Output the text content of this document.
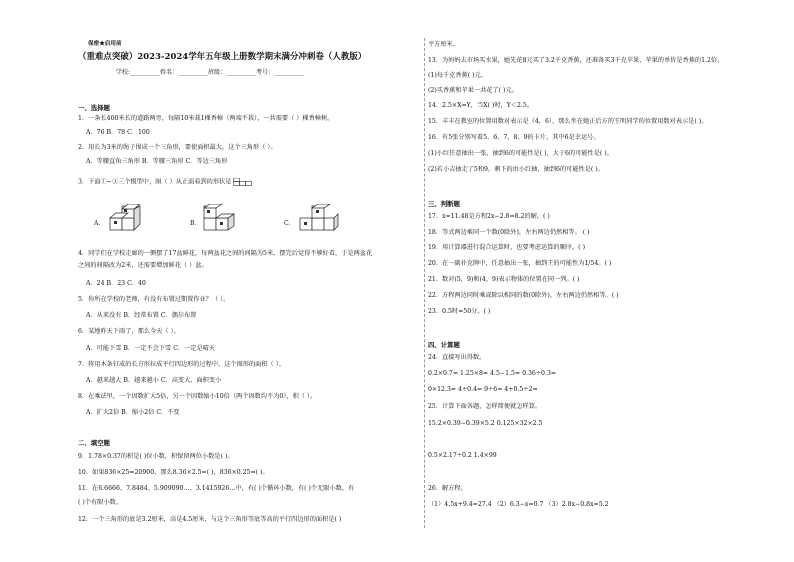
保密★启用前
（重难点突破）2023-2024学年五年级上册数学期末满分冲刺卷（人教版）
学校:__________姓名：__________班级：__________考号：__________
一、选择题
1．一条长400米长的道路两旁，每隔10米栽1棵香樟（两端不栽），一共需要（ ）棵香樟树。
A．76 B．78 C．100
2．用长为3米的绳子围成一个三角形，要使面积最大，这个三角形（ ）。
A．等腰直角三角形 B．等腰三角形 C．等边三角形
3．下面①~③三个模型中，图（ ）从正面看到的形状是
A．	B．	C．
4．同学们在学校走廊的一侧摆了17盆鲜花，每两盆花之间的间隔为5米，摆完后觉得不够好看，于是两盆花
之间的间隔改为2米，还需要增加鲜花（ ）盆。
A．24 B．23 C．40
5．你所在学校的老师，有没有布置过期置作业？（ ）。
A．从来没有 B．经常布置 C．偶尔布置
6．某地昨天下雨了，那么今天（ ）。
A．可能下雪 B．一定不会下雪 C．一定是晴天
7．将用木条钉成的长方形拉成平行四边形的过程中，这个图形的面积（ ）。
A．越来越大 B．越来越小 C．高变大，面积变小
8．在乘法里，一个因数扩大5倍，另一个因数缩小10倍（两个因数均不为0），积（ ）。
A．扩大2倍 B．缩小2倍 C．不变
二、填空题
9．1.78×0.37的积是( )位小数，积保留两位小数是( )。
10．如果836×25=20900，那么8.36×2.5=( )，836×0.25=( )。
11．在6.6666、7.8484、5.909090…、3.1415926…中，有( )个循环小数，有( )个无限小数，有
( )个有限小数。
12．一个三角形的底是3.2厘米，高是4.5厘米，与这个三角形等底等高的平行四边形的面积是( )
平方厘米。
13．为妈妈去市场买水果，她先花8元买了3.2千克香蕉，还准备买3千克苹果，苹果的单价是香蕉的1.2倍。
(1)每千克香蕉( )元。
(2)买香蕉和苹果一共花了( )元。
14．2.5×X=Y，当X( )时，Y＜2.5。
15．丰丰在教室的位置用数对表示是（4，6），那么坐在她正后方的王明同学的位置用数对表示是( )。
16．有5张分别写着5、6、7、8、9的卡片，其中6是幸运号。
(1)小红任意抽出一张，抽到6的可能性是( )，大于6的可能性是( )。
(2)若小吉抽走了5和9，剩下的由小红抽，抽到6的可能性是( )。
三、判断题
17．x=11.48是方程2x−2.8=8.2的解。( )
18．等式两边乘同一个数(0除外)，左右两边仍然相等。 ( )
19．用计算器进行混合运算时，也要考虑运算的顺序。( )
20．在一副扑克牌中，任意抽出一张，抽到王的可能性为1/54。( )
21．数对(5，9)和(4，9)表示物体的位置在同一列。( )
22．方程两边同时乘或除以相同的数(0除外)，左右两边仍然相等。( )
23．0.5时=50分。( )
四、计算题
24．直接写出得数。
0.2×0.7= 1.25×8= 4.5−1.5= 0.36÷0.3=
0×12.3= 4÷0.4= 9÷6= 4+0.5÷2=
25．计算下面各题，怎样简便就怎样算。
15.2×0.39−0.39×5.2 0.125×32×2.5
0.5×2.17÷0.2 1.4×99
26．解方程。
（1）4.5x+9.4=27.4 （2）6.3−x=0.7 （3）2.8x−0.8x=5.2
